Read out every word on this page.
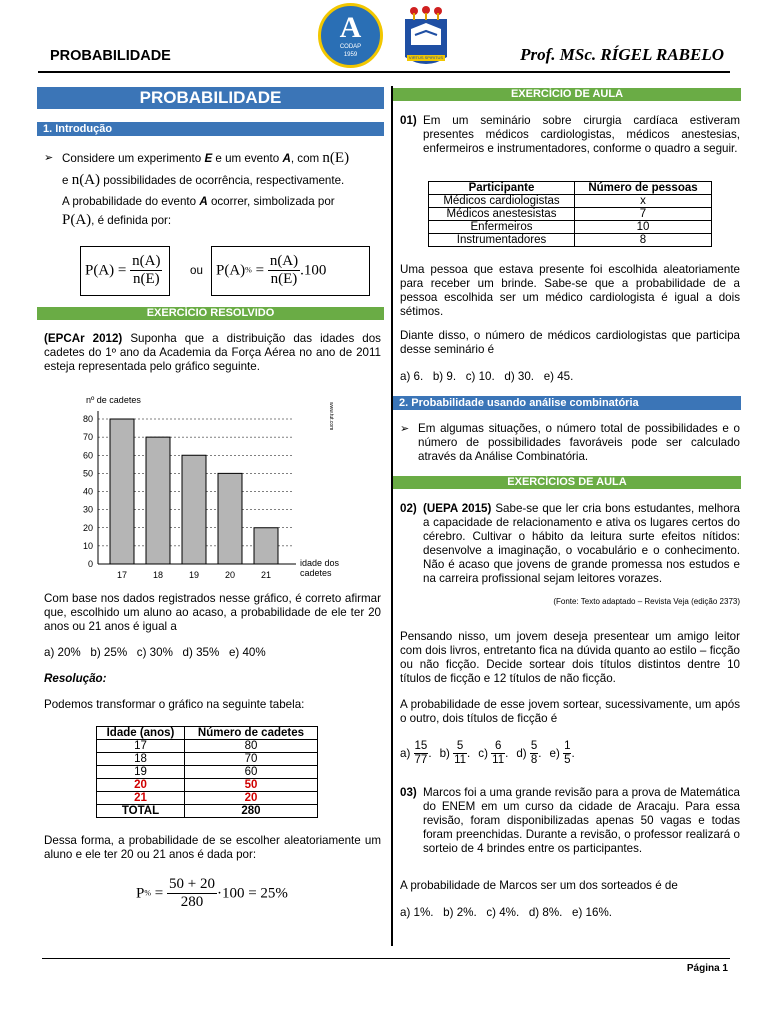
A
CODAP
1959	VIRTUS SPIRITUS
PROBABILIDADE	Prof. MSc. RÍGEL RABELO
PROBABILIDADE
1. Introdução
➢ Considere um experimento E e um evento A, com n(E)
e n(A) possibilidades de ocorrência, respectivamente.
A probabilidade do evento A ocorrer, simbolizada por
P(A), é definida por:
$P(A) = \frac{n(A)}{n(E)}$ ou $P(A)\% = \frac{n(A)}{n(E)} .100$
EXERCÍCIO RESOLVIDO
(EPCAr 2012) Suponha que a distribuição das idades dos cadetes do 1º ano da Academia da Força Aérea no ano de 2011 esteja representada pelo gráfico seguinte.
0
10
20
30
40
50
60
70
80
17	18	19	20	21
nº de cadetes
idade dos
cadetes
www.tut.com
Com base nos dados registrados nesse gráfico, é correto afirmar que, escolhido um aluno ao acaso, a probabilidade de ele ter 20 anos ou 21 anos é igual a
a) 20%   b) 25%   c) 30%   d) 35%   e) 40%
Resolução:
Podemos transformar o gráfico na seguinte tabela:
Idade (anos)	Número de cadetes
17	80
18	70
19	60
20	50
21	20
TOTAL	280
Dessa forma, a probabilidade de se escolher aleatoriamente um aluno e ele ter 20 ou 21 anos é dada por:
$P\% = \frac{50 + 20}{280} \cdot 100 = 25\%$
EXERCÍCIO DE AULA
01) Em um seminário sobre cirurgia cardíaca estiveram presentes médicos cardiologistas, médicos anestesias, enfermeiros e instrumentadores, conforme o quadro a seguir.
Participante	Número de pessoas
Médicos cardiologistas	x
Médicos anestesistas	7
Enfermeiros	10
Instrumentadores	8
Uma pessoa que estava presente foi escolhida aleatoriamente para receber um brinde. Sabe-se que a probabilidade de a pessoa escolhida ser um médico cardiologista é igual a dois sétimos.
Diante disso, o número de médicos cardiologistas que participa desse seminário é
a) 6.   b) 9.   c) 10.   d) 30.   e) 45.
2. Probabilidade usando análise combinatória
➢ Em algumas situações, o número total de possibilidades e o número de possibilidades favoráveis pode ser calculado através da Análise Combinatória.
EXERCÍCIOS DE AULA
02) (UEPA 2015) Sabe-se que ler cria bons estudantes, melhora a capacidade de relacionamento e ativa os lugares certos do cérebro. Cultivar o hábito da leitura surte efeitos nítidos: desenvolve a imaginação, o vocabulário e o conhecimento. Não é acaso que jovens de grande promessa nos estudos e na carreira profissional sejam leitores vorazes.
(Fonte: Texto adaptado – Revista Veja (edição 2373)
Pensando nisso, um jovem deseja presentear um amigo leitor com dois livros, entretanto fica na dúvida quanto ao estilo – ficção ou não ficção. Decide sortear dois títulos distintos dentre 10 títulos de ficção e 12 títulos de não ficção.
A probabilidade de esse jovem sortear, sucessivamente, um após o outro, dois títulos de ficção é
$a) \frac{15}{77}$ . $b) \frac{5}{11}$ . $c) \frac{6}{11}$ . $d) \frac{5}{8}$ . $e) \frac{1}{5}$ .
03) Marcos foi a uma grande revisão para a prova de Matemática do ENEM em um curso da cidade de Aracaju. Para essa revisão, foram disponibilizadas apenas 50 vagas e todas foram preenchidas. Durante a revisão, o professor realizará o sorteio de 4 brindes entre os participantes.
A probabilidade de Marcos ser um dos sorteados é de
a) 1%.   b) 2%.   c) 4%.   d) 8%.   e) 16%.
Página 1
